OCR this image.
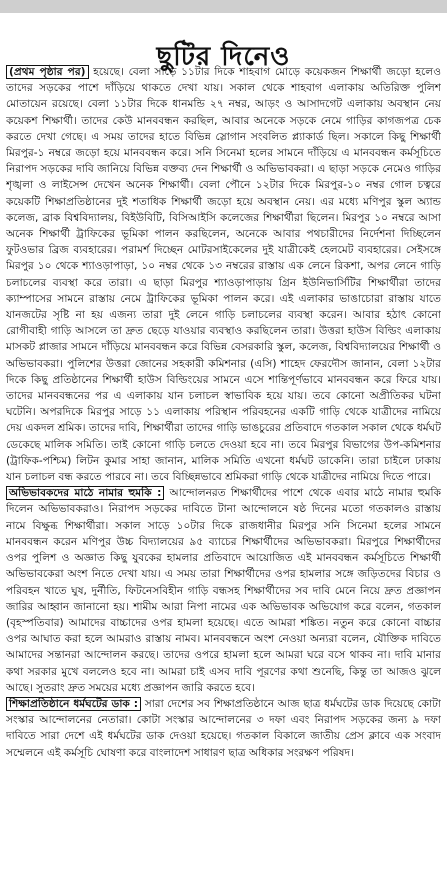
ছুটির দিনেও

(প্রথম পৃষ্ঠার পর) হয়েছে। বেলা সাড়ে ১১টার দিকে শাহবাগ মোড়ে কয়েকজন শিক্ষার্থী জড়ো হলেও তাদের সড়কের পাশে দাঁড়িয়ে থাকতে দেখা যায়। সকাল থেকে শাহবাগ এলাকায় অতিরিক্ত পুলিশ মোতায়েন রয়েছে। বেলা ১১টার দিকে ধানমন্ডি ২৭ নম্বর, আড়ং ও আসাদগেট এলাকায় অবস্থান নেয় কয়েকশ শিক্ষার্থী। তাদের কেউ মানববন্ধন করছিল, আবার অনেকে সড়কে নেমে গাড়ির কাগজপত্র চেক করতে দেখা গেছে। এ সময় তাদের হাতে বিভিন্ন স্লোগান সংবলিত প্ল্যাকার্ড ছিল। সকালে কিছু শিক্ষার্থী মিরপুর-১ নম্বরে জড়ো হয়ে মানববন্ধন করে। সনি সিনেমা হলের সামনে দাঁড়িয়ে এ মানববন্ধন কর্মসূচিতে নিরাপদ সড়কের দাবি জানিয়ে বিভিন্ন বক্তব্য দেন শিক্ষার্থী ও অভিভাবকরা। এ ছাড়া সড়কে নেমেও গাড়ির শৃঙ্খলা ও লাইসেন্স দেখেন অনেক শিক্ষার্থী। বেলা পৌনে ১২টার দিকে মিরপুর-১০ নম্বর গোল চত্বরে কয়েকটি শিক্ষাপ্রতিষ্ঠানের দুই শতাধিক শিক্ষার্থী জড়ো হয়ে অবস্থান নেয়। এর মধ্যে মণিপুর স্কুল অ্যান্ড কলেজ, ব্রাক বিশ্ববিদ্যালয়, বিইউবিটি, বিসিআইসি কলেজের শিক্ষার্থীরা ছিলেন। মিরপুর ১০ নম্বরে আসা অনেক শিক্ষার্থী ট্রাফিকের ভূমিকা পালন করছিলেন, অনেকে আবার পথচারীদের নির্দেশনা দিচ্ছিলেন ফুটওভার ব্রিজ ব্যবহারের। পরামর্শ দিচ্ছেন মোটরসাইকেলের দুই যাত্রীকেই হেলমেট ব্যবহারের। সেইসঙ্গে মিরপুর ১০ থেকে শ্যাওড়াপাড়া, ১০ নম্বর থেকে ১৩ নম্বরের রাস্তায় এক লেনে রিকশা, অপর লেনে গাড়ি চলাচলের ব্যবস্থা করে তারা। এ ছাড়া মিরপুর শ্যাওড়াপাড়ায় গ্রিন ইউনিভার্সিটির শিক্ষার্থীরা তাদের ক্যাম্পাসের সামনে রাস্তায় নেমে ট্রাফিকের ভূমিকা পালন করে। এই এলাকার ভাঙাচোরা রাস্তায় যাতে যানজটের সৃষ্টি না হয় এজন্য তারা দুই লেনে গাড়ি চলাচলের ব্যবস্থা করেন। আবার হঠাৎ কোনো রোগীবাহী গাড়ি আসলে তা দ্রুত ছেড়ে যাওয়ার ব্যবস্থাও করছিলেন তারা। উত্তরা হাউস বিল্ডিং এলাকায় মাসকট প্লাজার সামনে দাঁড়িয়ে মানববন্ধন করে বিভিন্ন বেসরকারি স্কুল, কলেজ, বিশ্ববিদ্যালয়ের শিক্ষার্থী ও অভিভাবকরা। পুলিশের উত্তরা জোনের সহকারী কমিশনার (এসি) শাহেদ ফেরদৌস জানান, বেলা ১২টার দিকে কিছু প্রতিষ্ঠানের শিক্ষার্থী হাউস বিল্ডিংয়ের সামনে এসে শান্তিপূর্ণভাবে মানববন্ধন করে ফিরে যায়। তাদের মানববন্ধনের পর এ এলাকায় যান চলাচল স্বাভাবিক হয়ে যায়। তবে কোনো অপ্রীতিকর ঘটনা ঘটেনি। অপরদিকে মিরপুর সাড়ে ১১ এলাকায় পরিস্থান পরিবহনের একটি গাড়ি থেকে যাত্রীদের নামিয়ে দেয় একদল শ্রমিক। তাদের দাবি, শিক্ষার্থীরা তাদের গাড়ি ভাঙচুরের প্রতিবাদে গতকাল সকাল থেকে ধর্মঘট ডেকেছে মালিক সমিতি। তাই কোনো গাড়ি চলতে দেওয়া হবে না। তবে মিরপুর বিভাগের উপ-কমিশনার (ট্রাফিক-পশ্চিম) লিটন কুমার সাহা জানান, মালিক সমিতি এখনো ধর্মঘট ডাকেনি। তারা চাইলে ঢাকায় যান চলাচল বন্ধ করতে পারবে না। তবে বিচ্ছিন্নভাবে শ্রমিকরা গাড়ি থেকে যাত্রীদের নামিয়ে দিতে পারে।

অভিভাবকদের মাঠে নামার হুমকি : আন্দোলনরত শিক্ষার্থীদের পাশে থেকে এবার মাঠে নামার হুমকি দিলেন অভিভাবকরাও। নিরাপদ সড়কের দাবিতে টানা আন্দোলনে ষষ্ঠ দিনের মতো গতকালও রাস্তায় নামে বিক্ষুব্ধ শিক্ষার্থীরা। সকাল সাড়ে ১০টার দিকে রাজধানীর মিরপুর সনি সিনেমা হলের সামনে মানববন্ধন করেন মণিপুর উচ্চ বিদ্যালয়ের ৯৫ ব্যাচের শিক্ষার্থীদের অভিভাবকরা। মিরপুরে শিক্ষার্থীদের ওপর পুলিশ ও অজ্ঞাত কিছু যুবকের হামলার প্রতিবাদে আয়োজিত এই মানববন্ধন কর্মসূচিতে শিক্ষার্থী অভিভাবকেরা অংশ নিতে দেখা যায়। এ সময় তারা শিক্ষার্থীদের ওপর হামলার সঙ্গে জড়িতদের বিচার ও পরিবহন খাতে ঘুষ, দুর্নীতি, ফিটনেসবিহীন গাড়ি বন্ধসহ শিক্ষার্থীদের সব দাবি মেনে নিয়ে দ্রুত প্রজ্ঞাপন জারির আহ্বান জানানো হয়। শামীম আরা নিপা নামের এক অভিভাবক অভিযোগ করে বলেন, গতকাল (বৃহস্পতিবার) আমাদের বাচ্চাদের ওপর হামলা হয়েছে। এতে আমরা শঙ্কিত। নতুন করে কোনো বাচ্চার ওপর আঘাত করা হলে আমরাও রাস্তায় নামব। মানববন্ধনে অংশ নেওয়া অন্যরা বলেন, যৌক্তিক দাবিতে আমাদের সন্তানরা আন্দোলন করছে। তাদের ওপরে হামলা হলে আমরা ঘরে বসে থাকব না। দাবি মানার কথা সরকার মুখে বললেও হবে না। আমরা চাই এসব দাবি পূরণের কথা শুনেছি, কিন্তু তা আজও ঝুলে আছে। সুতরাং দ্রুত সময়ের মধ্যে প্রজ্ঞাপন জারি করতে হবে।

শিক্ষাপ্রতিষ্ঠানে ধর্মঘটের ডাক : সারা দেশের সব শিক্ষাপ্রতিষ্ঠানে আজ ছাত্র ধর্মঘটের ডাক দিয়েছে কোটা সংস্কার আন্দোলনের নেতারা। কোটা সংস্কার আন্দোলনের ৩ দফা এবং নিরাপদ সড়কের জন্য ৯ দফা দাবিতে সারা দেশে এই ধর্মঘটের ডাক দেওয়া হয়েছে। গতকাল বিকালে জাতীয় প্রেস ক্লাবে এক সংবাদ সম্মেলনে এই কর্মসূচি ঘোষণা করে বাংলাদেশ সাধারণ ছাত্র অধিকার সংরক্ষণ পরিষদ।
